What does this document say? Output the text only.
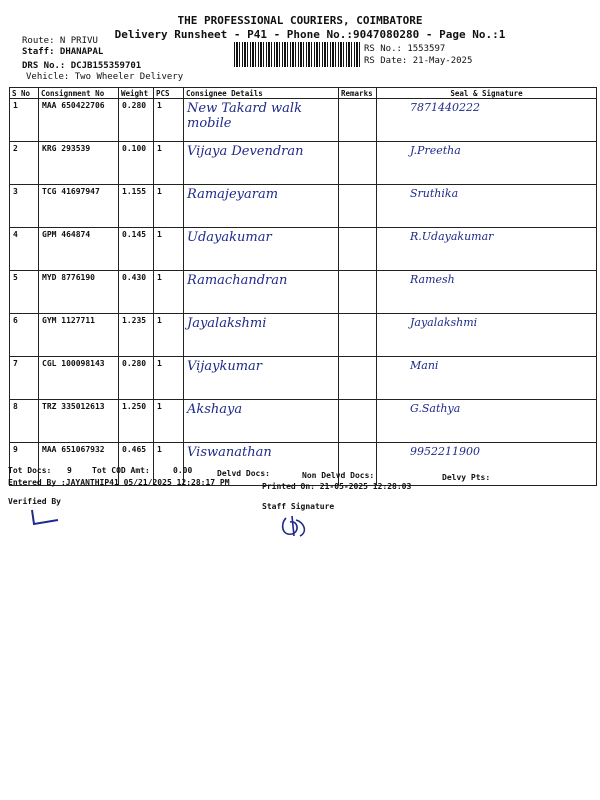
THE PROFESSIONAL COURIERS, COIMBATORE
Delivery Runsheet - P41 - Phone No.:9047080280 - Page No.:1
Route: N PRIVU
Staff: DHANAPAL	RS No.: 1553597
RS Date: 21-May-2025
DRS No.: DCJB155359701
Vehicle: Two Wheeler Delivery
S No	Consignment No	Weight	PCS	Consignee Details	Remarks	Seal & Signature
1	MAA 650422706	0.280	1	New Takard walk mobile		7871440222
2	KRG 293539	0.100	1	Vijaya Devendran		J.Preetha
3	TCG 41697947	1.155	1	Ramajeyaram		Sruthika
4	GPM 464874	0.145	1	Udayakumar		R.Udayakumar
5	MYD 8776190	0.430	1	Ramachandran		Ramesh
6	GYM 1127711	1.235	1	Jayalakshmi		Jayalakshmi
7	CGL 100098143	0.280	1	Vijaykumar		Mani
8	TRZ 335012613	1.250	1	Akshaya		G.Sathya
9	MAA 651067932	0.465	1	Viswanathan		9952211900
Tot Docs: 9	Tot COD Amt:	0.00	Delvd Docs:	Non Delvd Docs:	Delvy Pts:
Entered By :JAYANTHIP41 05/21/2025 12:28:17 PM	Printed On: 21-05-2025 12:28:03
Verified By
Staff Signature
